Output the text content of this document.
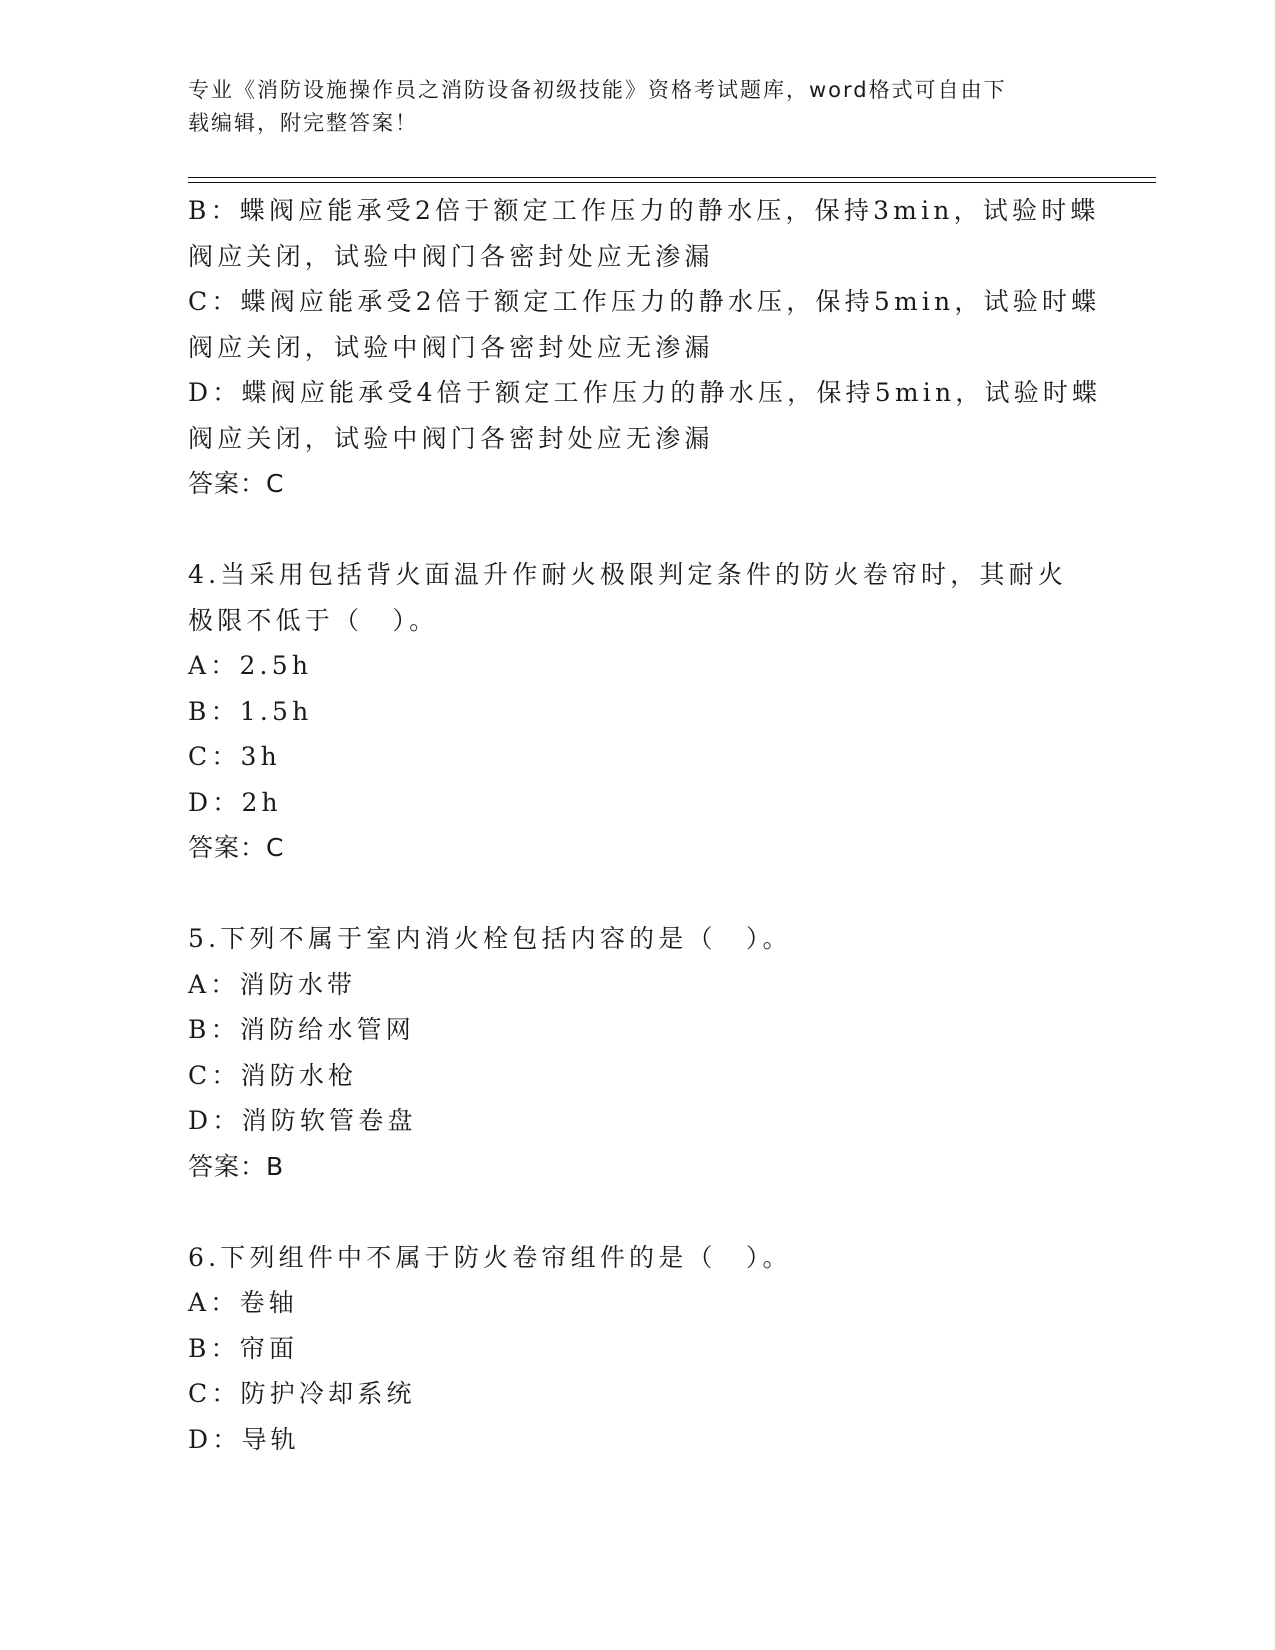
专业《消防设施操作员之消防设备初级技能》资格考试题库，word格式可自由下
载编辑，附完整答案！
B：蝶阀应能承受2倍于额定工作压力的静水压，保持3min，试验时蝶
阀应关闭，试验中阀门各密封处应无渗漏
C：蝶阀应能承受2倍于额定工作压力的静水压，保持5min，试验时蝶
阀应关闭，试验中阀门各密封处应无渗漏
D：蝶阀应能承受4倍于额定工作压力的静水压，保持5min，试验时蝶
阀应关闭，试验中阀门各密封处应无渗漏
答案：C
4.当采用包括背火面温升作耐火极限判定条件的防火卷帘时，其耐火
极限不低于（　）。
A：2.5h
B：1.5h
C：3h
D：2h
答案：C
5.下列不属于室内消火栓包括内容的是（　）。
A：消防水带
B：消防给水管网
C：消防水枪
D：消防软管卷盘
答案：B
6.下列组件中不属于防火卷帘组件的是（　）。
A：卷轴
B：帘面
C：防护冷却系统
D：导轨
